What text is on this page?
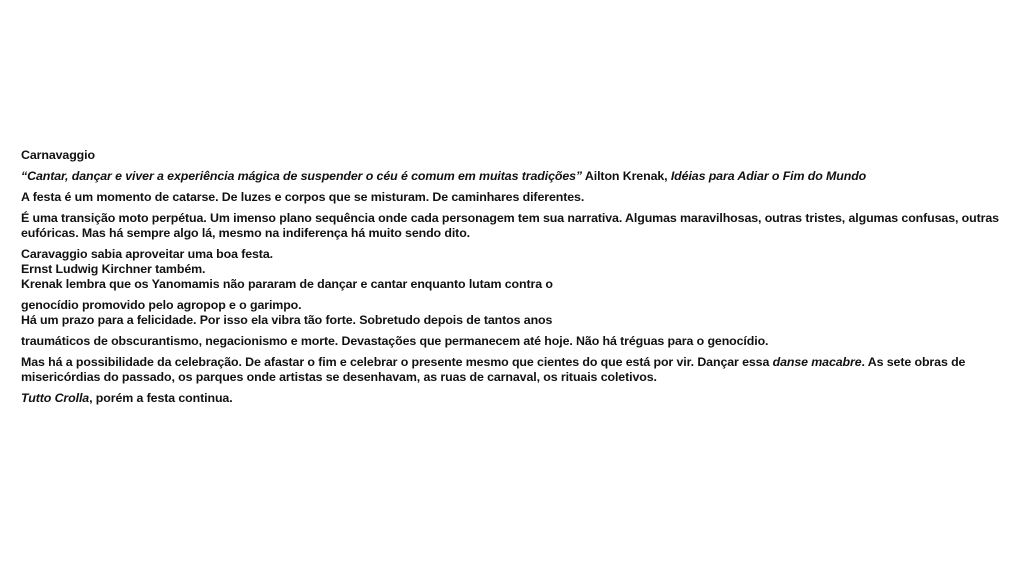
Carnavaggio

“Cantar, dançar e viver a experiência mágica de suspender o céu é comum em muitas tradições” Ailton Krenak, Idéias para Adiar o Fim do Mundo

A festa é um momento de catarse. De luzes e corpos que se misturam. De caminhares diferentes.

É uma transição moto perpétua. Um imenso plano sequência onde cada personagem tem sua narrativa. Algumas maravilhosas, outras tristes, algumas confusas, outras eufóricas. Mas há sempre algo lá, mesmo na indiferença há muito sendo dito.

Caravaggio sabia aproveitar uma boa festa.
Ernst Ludwig Kirchner também.
Krenak lembra que os Yanomamis não pararam de dançar e cantar enquanto lutam contra o

genocídio promovido pelo agropop e o garimpo.
Há um prazo para a felicidade. Por isso ela vibra tão forte. Sobretudo depois de tantos anos

traumáticos de obscurantismo, negacionismo e morte. Devastações que permanecem até hoje. Não há tréguas para o genocídio.

Mas há a possibilidade da celebração. De afastar o fim e celebrar o presente mesmo que cientes do que está por vir. Dançar essa danse macabre. As sete obras de misericórdias do passado, os parques onde artistas se desenhavam, as ruas de carnaval, os rituais coletivos.

Tutto Crolla, porém a festa continua.
